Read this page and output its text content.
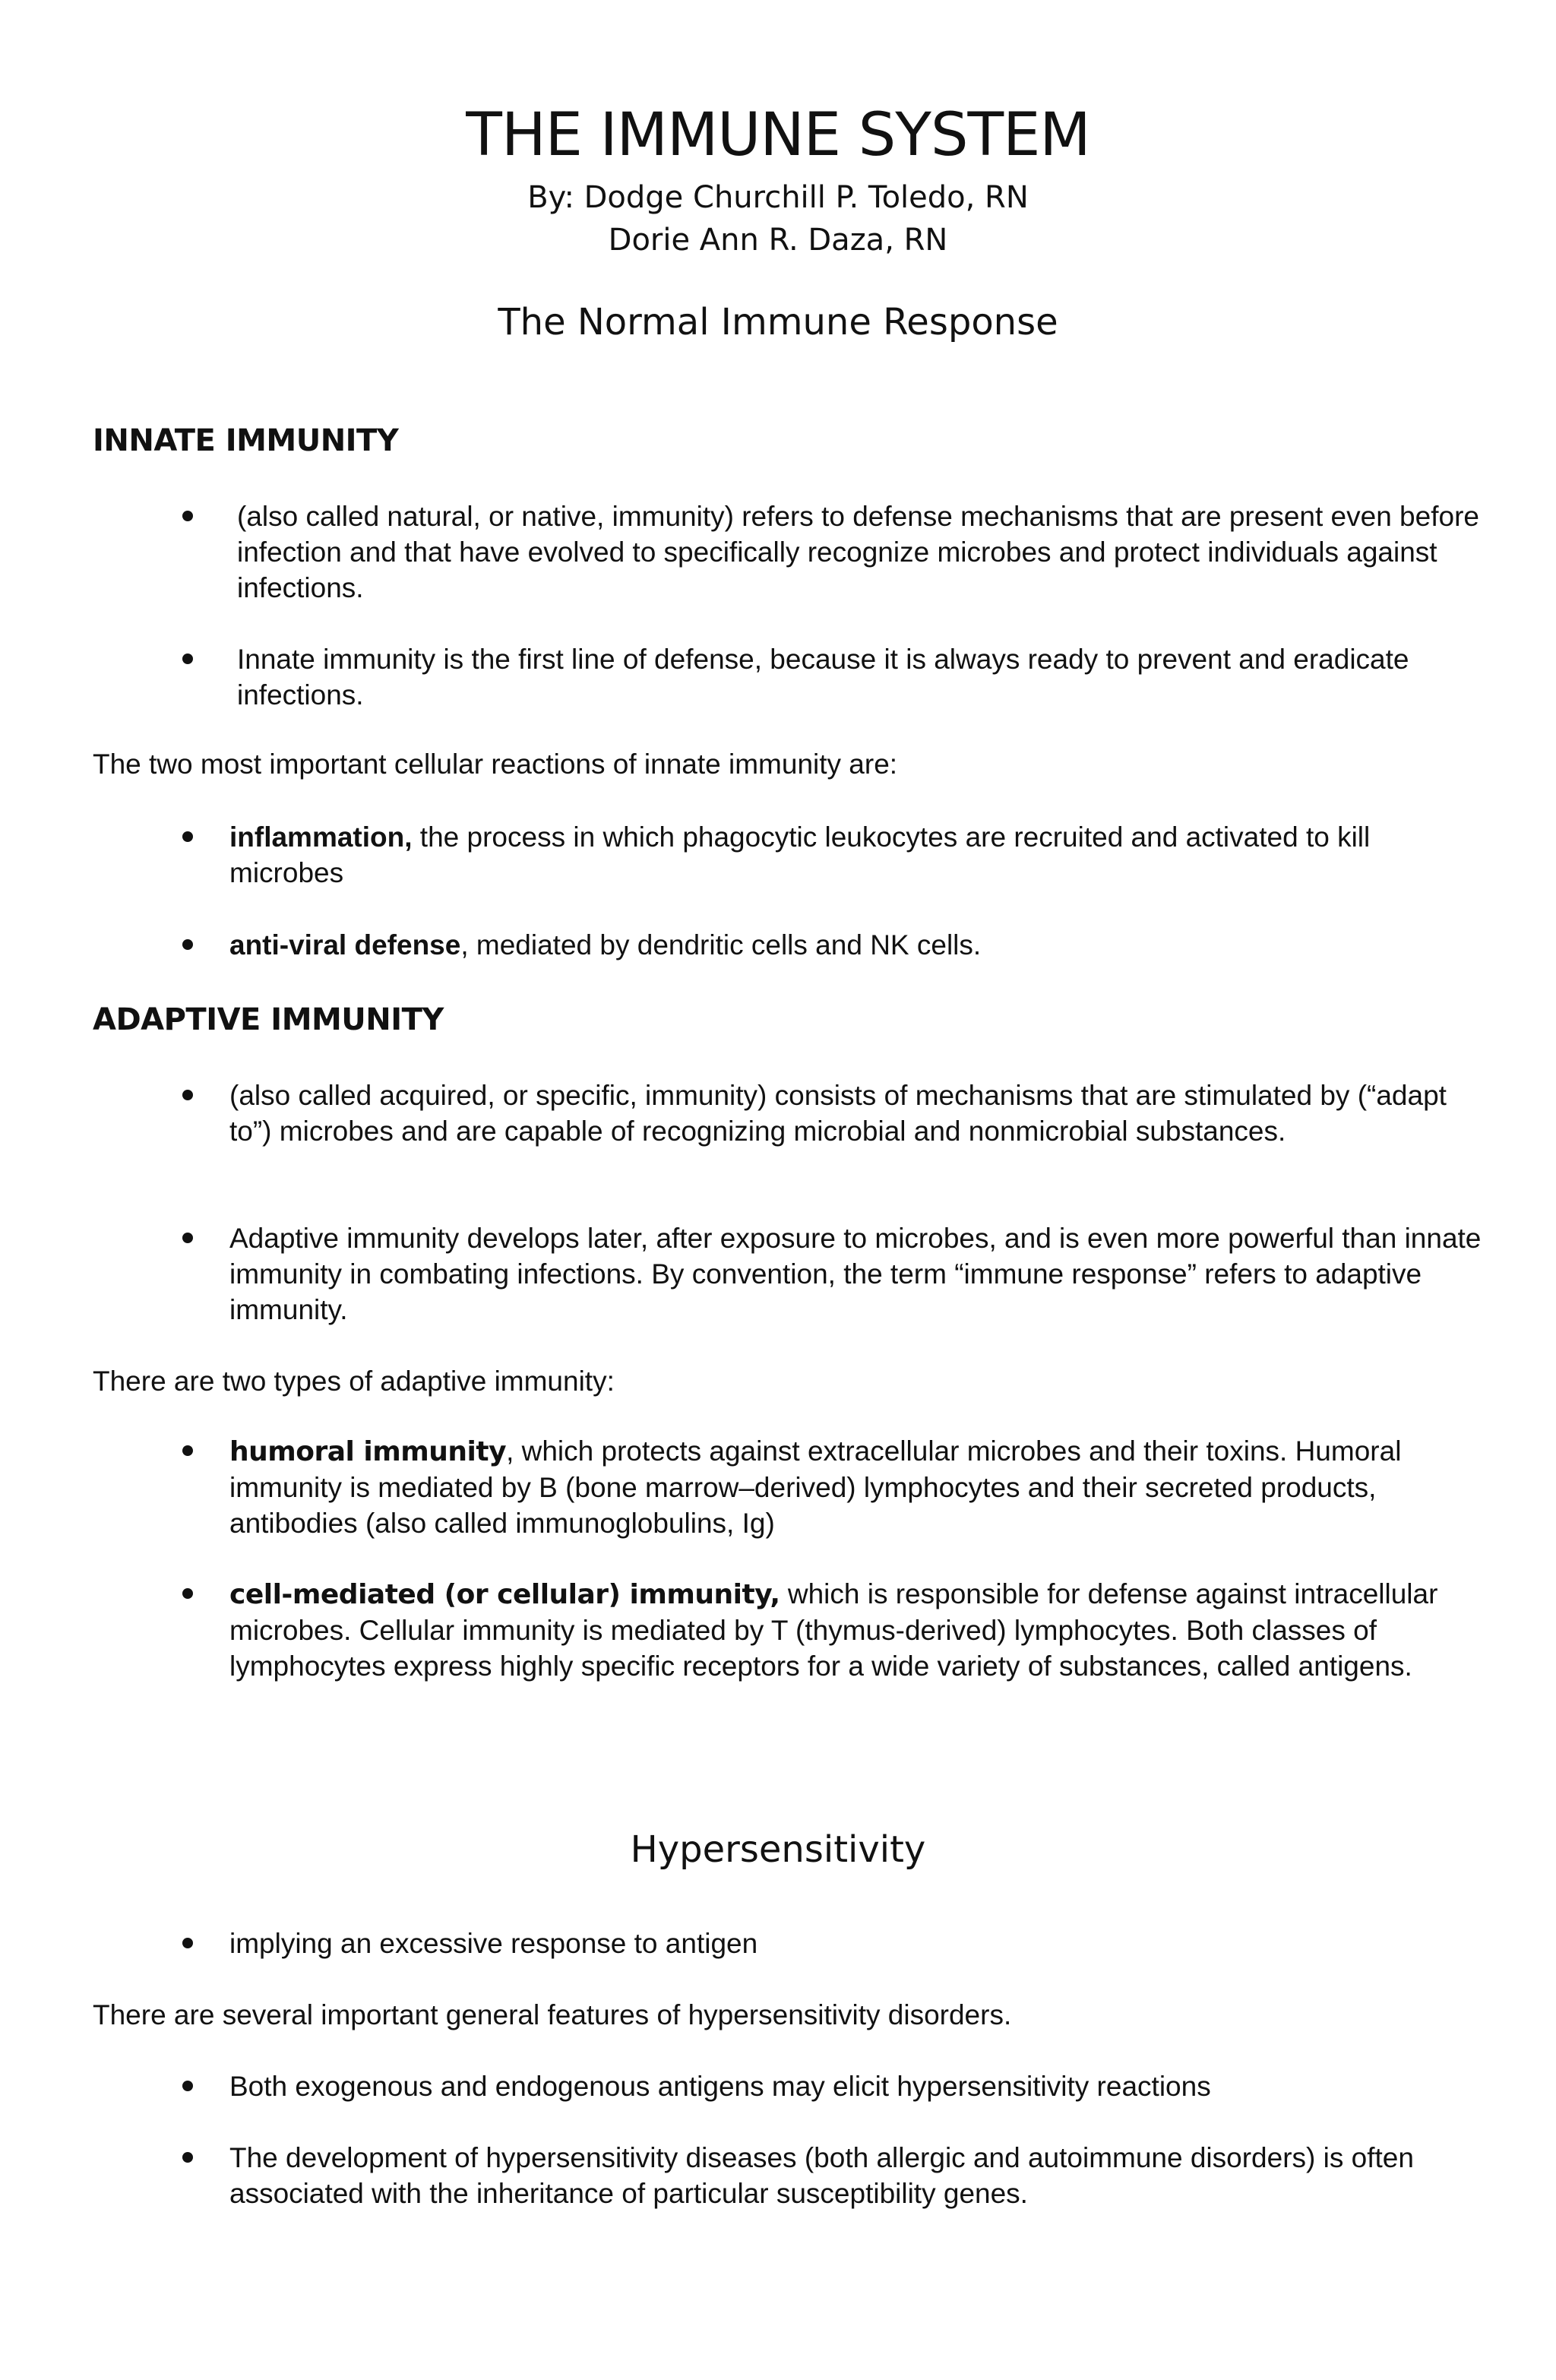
THE IMMUNE SYSTEM
By: Dodge Churchill P. Toledo, RN
Dorie Ann R. Daza, RN
The Normal Immune Response
INNATE IMMUNITY

(also called natural, or native, immunity) refers to defense mechanisms that are present even before infection and that have evolved to specifically recognize microbes and protect individuals against infections.

Innate immunity is the first line of defense, because it is always ready to prevent and eradicate infections.

The two most important cellular reactions of innate immunity are:

inflammation, the process in which phagocytic leukocytes are recruited and activated to kill microbes

anti-viral defense, mediated by dendritic cells and NK cells.

ADAPTIVE IMMUNITY

(also called acquired, or specific, immunity) consists of mechanisms that are stimulated by (“adapt to”) microbes and are capable of recognizing microbial and nonmicrobial substances.

Adaptive immunity develops later, after exposure to microbes, and is even more powerful than innate immunity in combating infections. By convention, the term “immune response” refers to adaptive immunity.

There are two types of adaptive immunity:

humoral immunity, which protects against extracellular microbes and their toxins. Humoral immunity is mediated by B (bone marrow–derived) lymphocytes and their secreted products, antibodies (also called immunoglobulins, Ig)

cell-mediated (or cellular) immunity, which is responsible for defense against intracellular microbes. Cellular immunity is mediated by T (thymus-derived) lymphocytes. Both classes of lymphocytes express highly specific receptors for a wide variety of substances, called antigens.

Hypersensitivity

implying an excessive response to antigen

There are several important general features of hypersensitivity disorders.

Both exogenous and endogenous antigens may elicit hypersensitivity reactions

The development of hypersensitivity diseases (both allergic and autoimmune disorders) is often associated with the inheritance of particular susceptibility genes.
